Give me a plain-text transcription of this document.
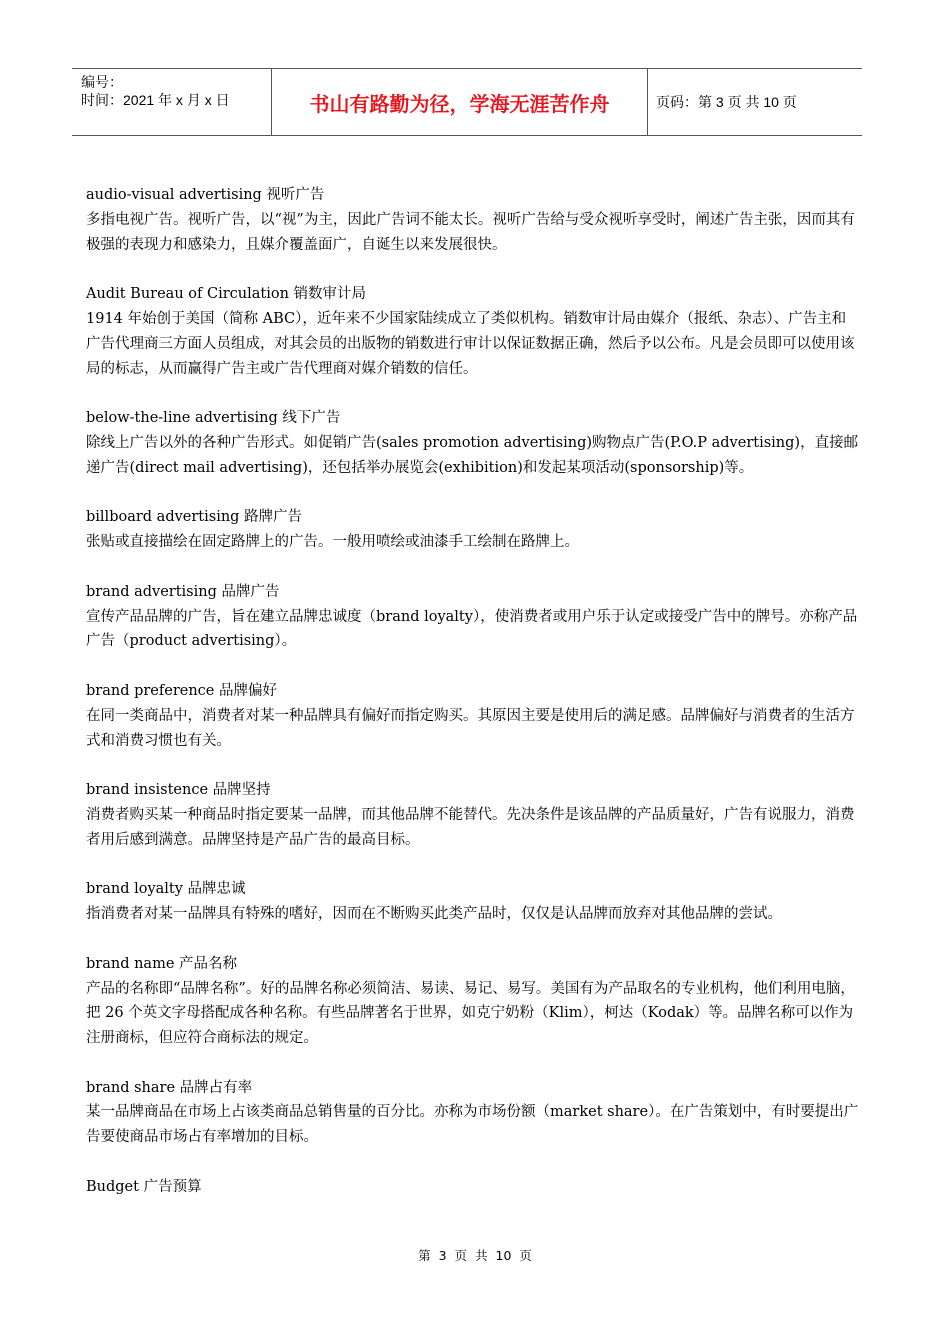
编号：
时间：2021 年 x 月 x 日	书山有路勤为径，学海无涯苦作舟	页码：第 3 页 共 10 页
audio-visual advertising 视听广告
多指电视广告。视听广告，以“视”为主，因此广告词不能太长。视听广告给与受众视听享受时，阐述广告主张，因而其有极强的表现力和感染力，且媒介覆盖面广，自诞生以来发展很快。
Audit Bureau of Circulation 销数审计局
1914 年始创于美国（简称 ABC），近年来不少国家陆续成立了类似机构。销数审计局由媒介（报纸、杂志）、广告主和广告代理商三方面人员组成，对其会员的出版物的销数进行审计以保证数据正确，然后予以公布。凡是会员即可以使用该局的标志，从而赢得广告主或广告代理商对媒介销数的信任。
below-the-line advertising 线下广告
除线上广告以外的各种广告形式。如促销广告(sales promotion advertising)购物点广告(P.O.P advertising)，直接邮递广告(direct mail advertising)，还包括举办展览会(exhibition)和发起某项活动(sponsorship)等。
billboard advertising 路牌广告
张贴或直接描绘在固定路牌上的广告。一般用喷绘或油漆手工绘制在路牌上。
brand advertising 品牌广告
宣传产品品牌的广告，旨在建立品牌忠诚度（brand loyalty），使消费者或用户乐于认定或接受广告中的牌号。亦称产品广告（product advertising）。
brand preference 品牌偏好
在同一类商品中，消费者对某一种品牌具有偏好而指定购买。其原因主要是使用后的满足感。品牌偏好与消费者的生活方式和消费习惯也有关。
brand insistence 品牌坚持
消费者购买某一种商品时指定要某一品牌，而其他品牌不能替代。先决条件是该品牌的产品质量好，广告有说服力，消费者用后感到满意。品牌坚持是产品广告的最高目标。
brand loyalty 品牌忠诚
指消费者对某一品牌具有特殊的嗜好，因而在不断购买此类产品时，仅仅是认品牌而放弃对其他品牌的尝试。
brand name 产品名称
产品的名称即“品牌名称”。好的品牌名称必须简洁、易读、易记、易写。美国有为产品取名的专业机构，他们利用电脑，把 26 个英文字母搭配成各种名称。有些品牌著名于世界，如克宁奶粉（Klim），柯达（Kodak）等。品牌名称可以作为注册商标，但应符合商标法的规定。
brand share 品牌占有率
某一品牌商品在市场上占该类商品总销售量的百分比。亦称为市场份额（market share）。在广告策划中，有时要提出广告要使商品市场占有率增加的目标。
Budget 广告预算
第 3 页 共 10 页
